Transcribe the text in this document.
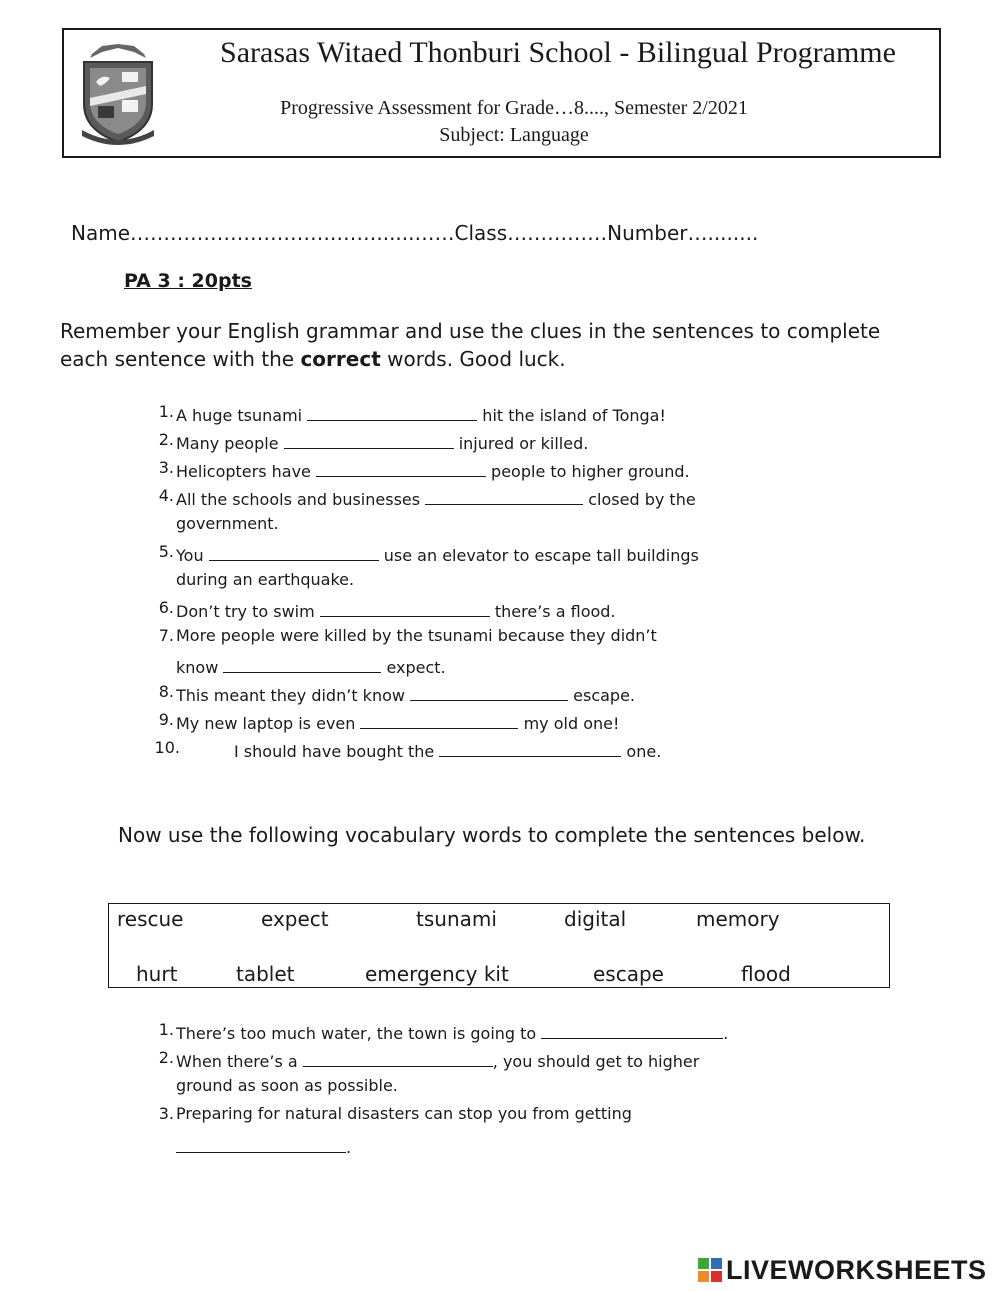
Sarasas Witaed Thonburi School - Bilingual Programme
Progressive Assessment for Grade…8...., Semester 2/2021
Subject: Language
Name………………………….……......……Class……………Number…........
PA 3 : 20pts
Remember your English grammar and use the clues in the sentences to complete each sentence with the correct words. Good luck.
1. A huge tsunami	hit the island of Tonga!
2. Many people	injured or killed.
3. Helicopters have	people to higher ground.
4. All the schools and businesses	closed by the
government.
5. You	use an elevator to escape tall buildings
during an earthquake.
6. Don’t try to swim	there’s a flood.
7. More people were killed by the tsunami because they didn’t
know	expect.
8. This meant they didn’t know	escape.
9. My new laptop is even	my old one!
10.	I should have bought the	one.
Now use the following vocabulary words to complete the sentences below.
rescue	expect	tsunami	digital	memory
hurt	tablet	emergency kit	escape	flood
1. There’s too much water, the town is going to	.
2. When there’s a	, you should get to higher
ground as soon as possible.
3. Preparing for natural disasters can stop you from getting
.
LIVEWORKSHEETS
